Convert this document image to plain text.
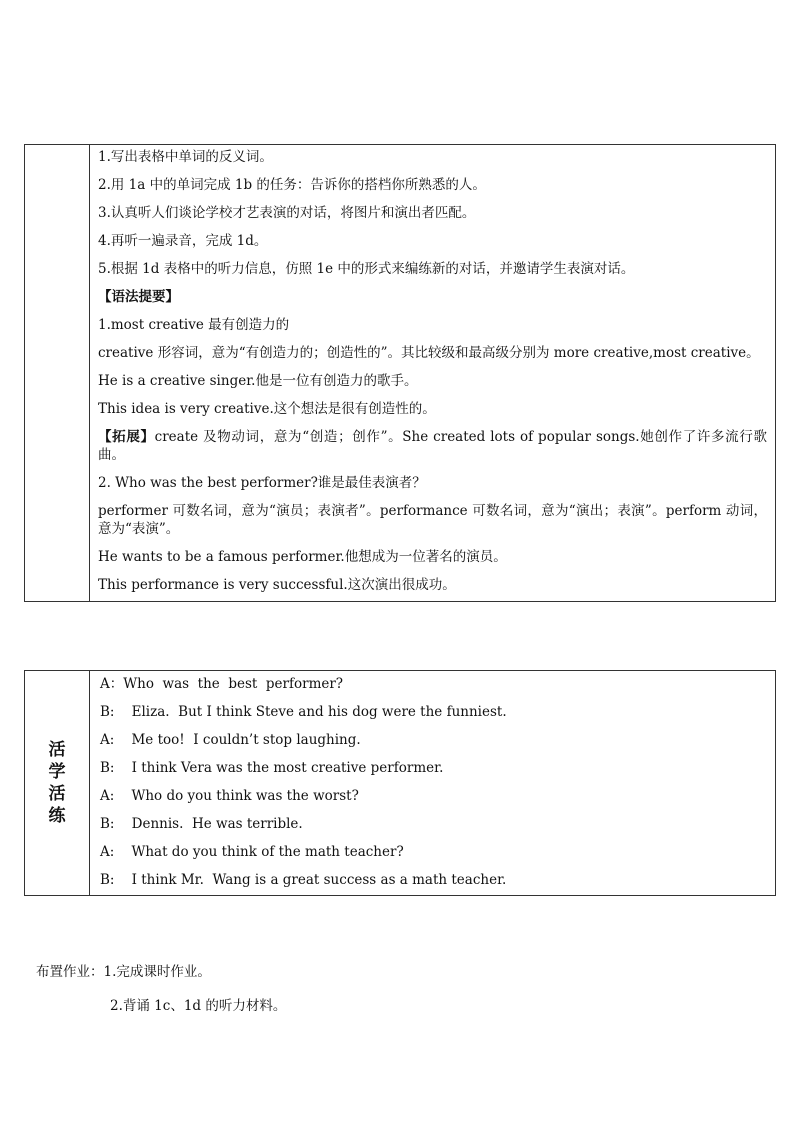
1.写出表格中单词的反义词。
2.用 1a 中的单词完成 1b 的任务：告诉你的搭档你所熟悉的人。
3.认真听人们谈论学校才艺表演的对话，将图片和演出者匹配。
4.再听一遍录音，完成 1d。
5.根据 1d 表格中的听力信息，仿照 1e 中的形式来编练新的对话，并邀请学生表演对话。
【语法提要】
1.most creative 最有创造力的
creative 形容词，意为“有创造力的；创造性的”。其比较级和最高级分别为 more creative,most creative。
He is a creative singer.他是一位有创造力的歌手。
This idea is very creative.这个想法是很有创造性的。
【拓展】create 及物动词，意为“创造；创作”。She created lots of popular songs.她创作了许多流行歌曲。
2. Who was the best performer?谁是最佳表演者？
performer 可数名词，意为“演员；表演者”。performance 可数名词，意为“演出；表演”。perform 动词，意为“表演”。
He wants to be a famous performer.他想成为一位著名的演员。
This performance is very successful.这次演出很成功。
活
学
活
练

A：Who  was  the  best  performer?
B:    Eliza.  But I think Steve and his dog were the funniest.
A:    Me too!  I couldn’t stop laughing.
B:    I think Vera was the most creative performer.
A:    Who do you think was the worst?
B:    Dennis.  He was terrible.
A:    What do you think of the math teacher?
B:    I think Mr.  Wang is a great success as a math teacher.
布置作业：1.完成课时作业。
2.背诵 1c、1d 的听力材料。
